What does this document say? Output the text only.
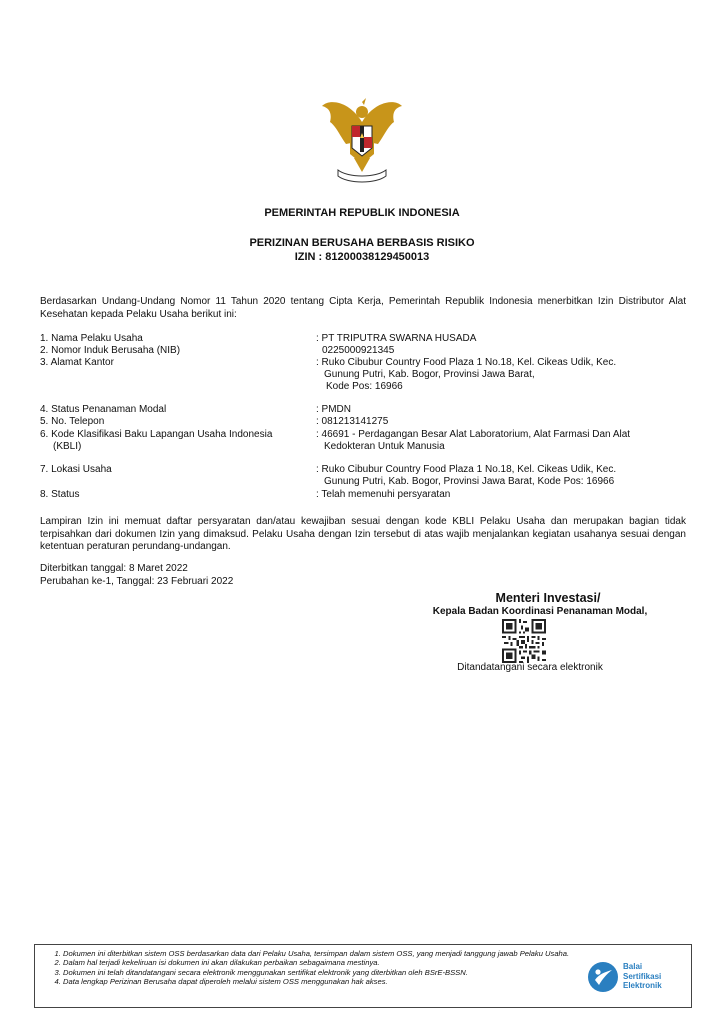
PEMERINTAH REPUBLIK INDONESIA
PERIZINAN BERUSAHA BERBASIS RISIKO
IZIN : 81200038129450013
Berdasarkan Undang-Undang Nomor 11 Tahun 2020 tentang Cipta Kerja, Pemerintah Republik Indonesia menerbitkan Izin Distributor Alat Kesehatan kepada Pelaku Usaha berikut ini:
1. Nama Pelaku Usaha	: PT TRIPUTRA SWARNA HUSADA
2. Nomor Induk Berusaha (NIB)	0225000921345
3. Alamat Kantor	: Ruko Cibubur Country Food Plaza 1 No.18, Kel. Cikeas Udik, Kec.
Gunung Putri, Kab. Bogor, Provinsi Jawa Barat,
Kode Pos: 16966
4. Status Penanaman Modal	: PMDN
5. No. Telepon	: 081213141275
6. Kode Klasifikasi Baku Lapangan Usaha Indonesia
(KBLI)
: 46691 - Perdagangan Besar Alat Laboratorium, Alat Farmasi Dan Alat
Kedokteran Untuk Manusia
7. Lokasi Usaha	: Ruko Cibubur Country Food Plaza 1 No.18, Kel. Cikeas Udik, Kec.
Gunung Putri, Kab. Bogor, Provinsi Jawa Barat, Kode Pos: 16966
8. Status	: Telah memenuhi persyaratan
Lampiran Izin ini memuat daftar persyaratan dan/atau kewajiban sesuai dengan kode KBLI Pelaku Usaha dan merupakan bagian tidak terpisahkan dari dokumen Izin yang dimaksud. Pelaku Usaha dengan Izin tersebut di atas wajib menjalankan kegiatan usahanya sesuai dengan ketentuan peraturan perundang-undangan.
Diterbitkan tanggal: 8 Maret 2022
Perubahan ke-1, Tanggal: 23 Februari 2022
Menteri Investasi/
Kepala Badan Koordinasi Penanaman Modal,
Ditandatangani secara elektronik
1. Dokumen ini diterbitkan sistem OSS berdasarkan data dari Pelaku Usaha, tersimpan dalam sistem OSS, yang menjadi tanggung jawab Pelaku Usaha.
2. Dalam hal terjadi kekeliruan isi dokumen ini akan dilakukan perbaikan sebagaimana mestinya.
3. Dokumen ini telah ditandatangani secara elektronik menggunakan sertifikat elektronik yang diterbitkan oleh BSrE-BSSN.
4. Data lengkap Perizinan Berusaha dapat diperoleh melalui sistem OSS menggunakan hak akses.
Balai
Sertifikasi
Elektronik
